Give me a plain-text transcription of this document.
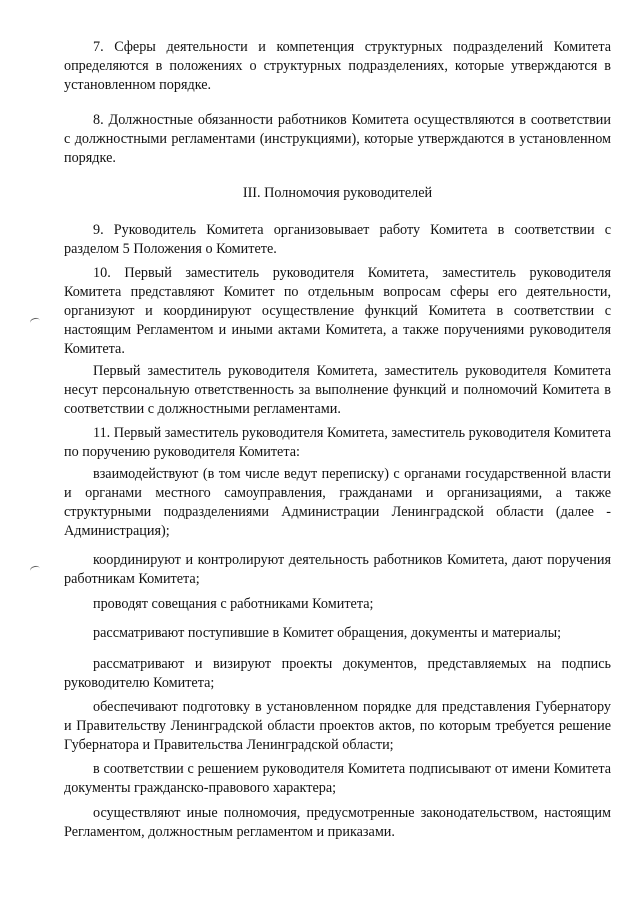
7. Сферы деятельности и компетенция структурных подразделений Комитета определяются в положениях о структурных подразделениях, которые утверждаются в установленном порядке.

8. Должностные обязанности работников Комитета осуществляются в соответствии с должностными регламентами (инструкциями), которые утверждаются в установленном порядке.

III. Полномочия руководителей

9. Руководитель Комитета организовывает работу Комитета в соответствии с разделом 5 Положения о Комитете.

10. Первый заместитель руководителя Комитета, заместитель руководителя Комитета представляют Комитет по отдельным вопросам сферы его деятельности, организуют и координируют осуществление функций Комитета в соответствии с настоящим Регламентом и иными актами Комитета, а также поручениями руководителя Комитета.

Первый заместитель руководителя Комитета, заместитель руководителя Комитета несут персональную ответственность за выполнение функций и полномочий Комитета в соответствии с должностными регламентами.

11. Первый заместитель руководителя Комитета, заместитель руководителя Комитета по поручению руководителя Комитета:

взаимодействуют (в том числе ведут переписку) с органами государственной власти и органами местного самоуправления, гражданами и организациями, а также структурными подразделениями Администрации Ленинградской области (далее - Администрация);

координируют и контролируют деятельность работников Комитета, дают поручения работникам Комитета;

проводят совещания с работниками Комитета;

рассматривают поступившие в Комитет обращения, документы и материалы;

рассматривают и визируют проекты документов, представляемых на подпись руководителю Комитета;

обеспечивают подготовку в установленном порядке для представления Губернатору и Правительству Ленинградской области проектов актов, по которым требуется решение Губернатора и Правительства Ленинградской области;

в соответствии с решением руководителя Комитета подписывают от имени Комитета документы гражданско-правового характера;

осуществляют иные полномочия, предусмотренные законодательством, настоящим Регламентом, должностным регламентом и приказами.
